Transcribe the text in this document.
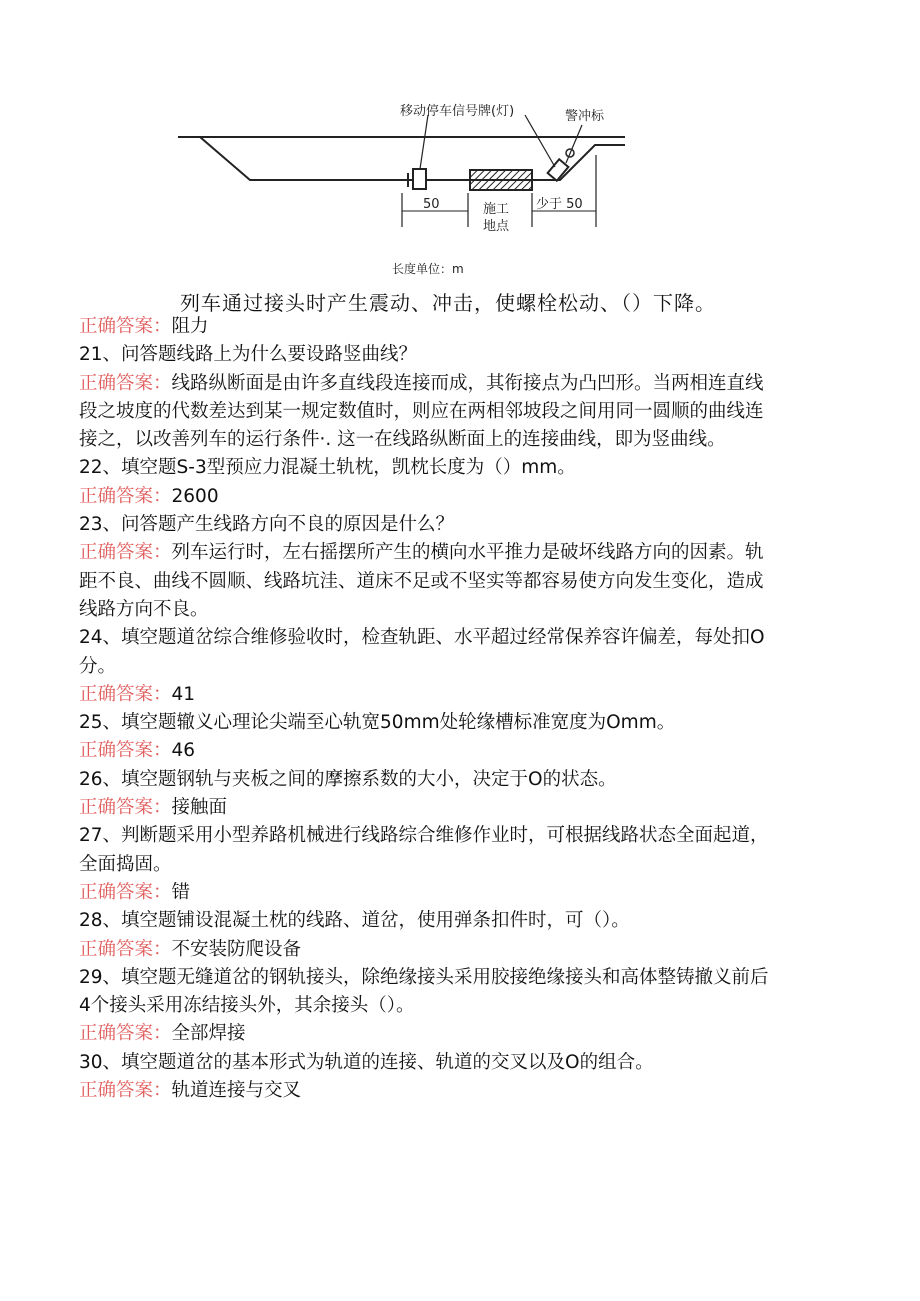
移动停车信号牌(灯)	警冲标
50	施工
地点
少于 50
长度单位：m
列车通过接头时产生震动、冲击，使螺栓松动、（）下降。
正确答案：阻力
21、问答题线路上为什么要设路竖曲线？
正确答案：线路纵断面是由许多直线段连接而成，其衔接点为凸凹形。当两相连直线
段之坡度的代数差达到某一规定数值时，则应在两相邻坡段之间用同一圆顺的曲线连
接之，以改善列车的运行条件·. 这一在线路纵断面上的连接曲线，即为竖曲线。
22、填空题S-3型预应力混凝土轨枕，凯枕长度为（）mm。
正确答案：2600
23、问答题产生线路方向不良的原因是什么？
正确答案：列车运行时，左右摇摆所产生的横向水平推力是破坏线路方向的因素。轨
距不良、曲线不圆顺、线路坑洼、道床不足或不坚实等都容易使方向发生变化，造成
线路方向不良。
24、填空题道岔综合维修验收时，检查轨距、水平超过经常保养容许偏差，每处扣O
分。
正确答案：41
25、填空题辙义心理论尖端至心轨宽50mm处轮缘槽标准宽度为Omm。
正确答案：46
26、填空题钢轨与夹板之间的摩擦系数的大小，决定于O的状态。
正确答案：接触面
27、判断题采用小型养路机械进行线路综合维修作业时，可根据线路状态全面起道，
全面捣固。
正确答案：错
28、填空题铺设混凝土枕的线路、道岔，使用弹条扣件时，可（）。
正确答案：不安装防爬设备
29、填空题无缝道岔的钢轨接头，除绝缘接头采用胶接绝缘接头和高体整铸撤义前后
4个接头采用冻结接头外，其余接头（）。
正确答案：全部焊接
30、填空题道岔的基本形式为轨道的连接、轨道的交叉以及O的组合。
正确答案：轨道连接与交叉
